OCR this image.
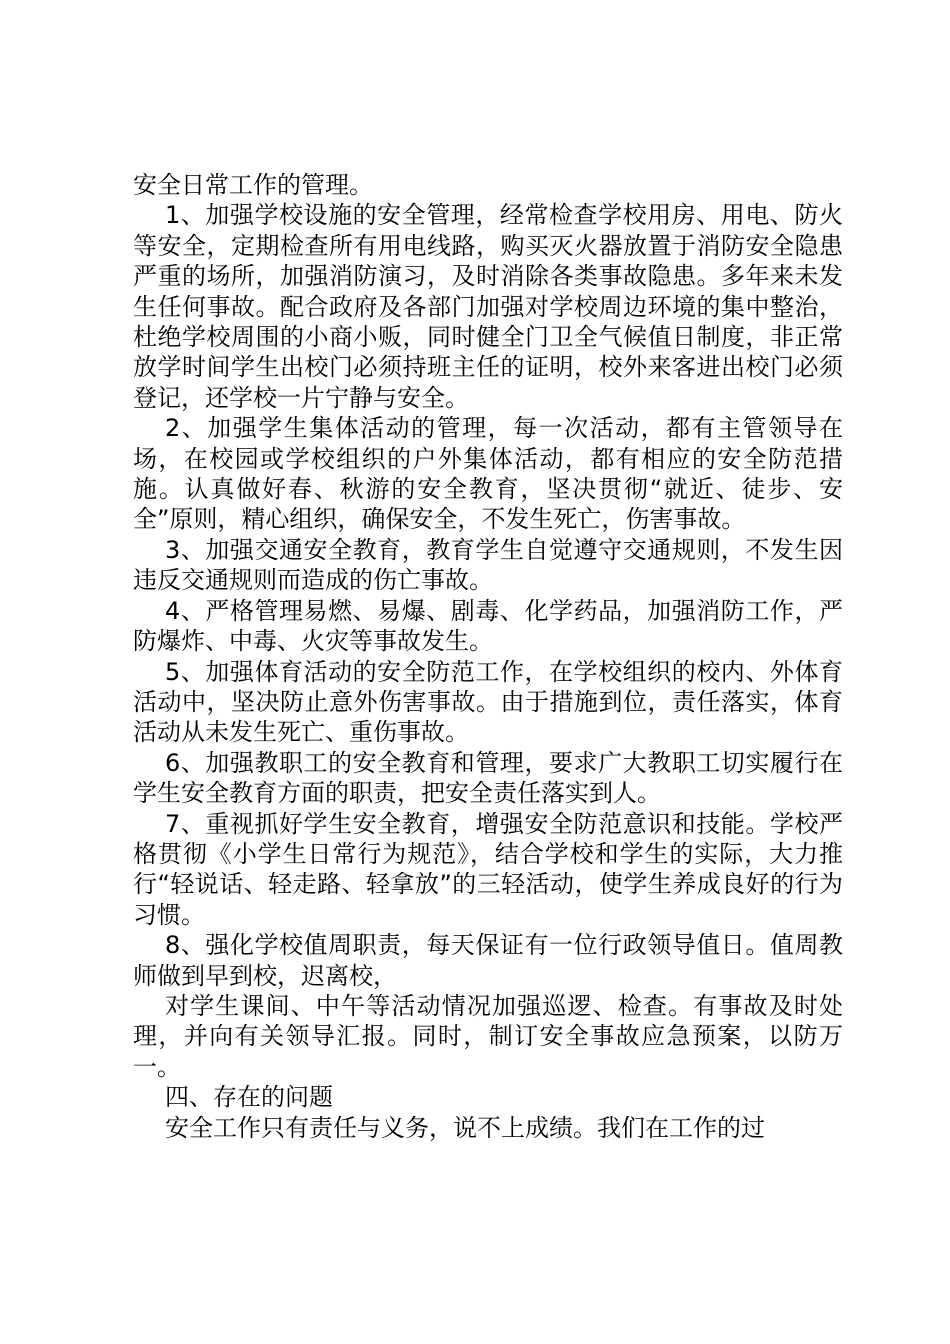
安全日常工作的管理。

1、加强学校设施的安全管理，经常检查学校用房、用电、防火等安全，定期检查所有用电线路，购买灭火器放置于消防安全隐患严重的场所，加强消防演习，及时消除各类事故隐患。多年来未发生任何事故。配合政府及各部门加强对学校周边环境的集中整治，杜绝学校周围的小商小贩，同时健全门卫全气候值日制度，非正常放学时间学生出校门必须持班主任的证明，校外来客进出校门必须登记，还学校一片宁静与安全。

2、加强学生集体活动的管理，每一次活动，都有主管领导在场，在校园或学校组织的户外集体活动，都有相应的安全防范措施。认真做好春、秋游的安全教育，坚决贯彻“就近、徒步、安全”原则，精心组织，确保安全，不发生死亡，伤害事故。

3、加强交通安全教育，教育学生自觉遵守交通规则，不发生因违反交通规则而造成的伤亡事故。

4、严格管理易燃、易爆、剧毒、化学药品，加强消防工作，严防爆炸、中毒、火灾等事故发生。

5、加强体育活动的安全防范工作，在学校组织的校内、外体育活动中，坚决防止意外伤害事故。由于措施到位，责任落实，体育活动从未发生死亡、重伤事故。

6、加强教职工的安全教育和管理，要求广大教职工切实履行在学生安全教育方面的职责，把安全责任落实到人。

7、重视抓好学生安全教育，增强安全防范意识和技能。学校严格贯彻《小学生日常行为规范》，结合学校和学生的实际，大力推行“轻说话、轻走路、轻拿放”的三轻活动，使学生养成良好的行为习惯。

8、强化学校值周职责，每天保证有一位行政领导值日。值周教师做到早到校，迟离校，

对学生课间、中午等活动情况加强巡逻、检查。有事故及时处理，并向有关领导汇报。同时，制订安全事故应急预案，以防万一。

四、存在的问题

安全工作只有责任与义务，说不上成绩。我们在工作的过
